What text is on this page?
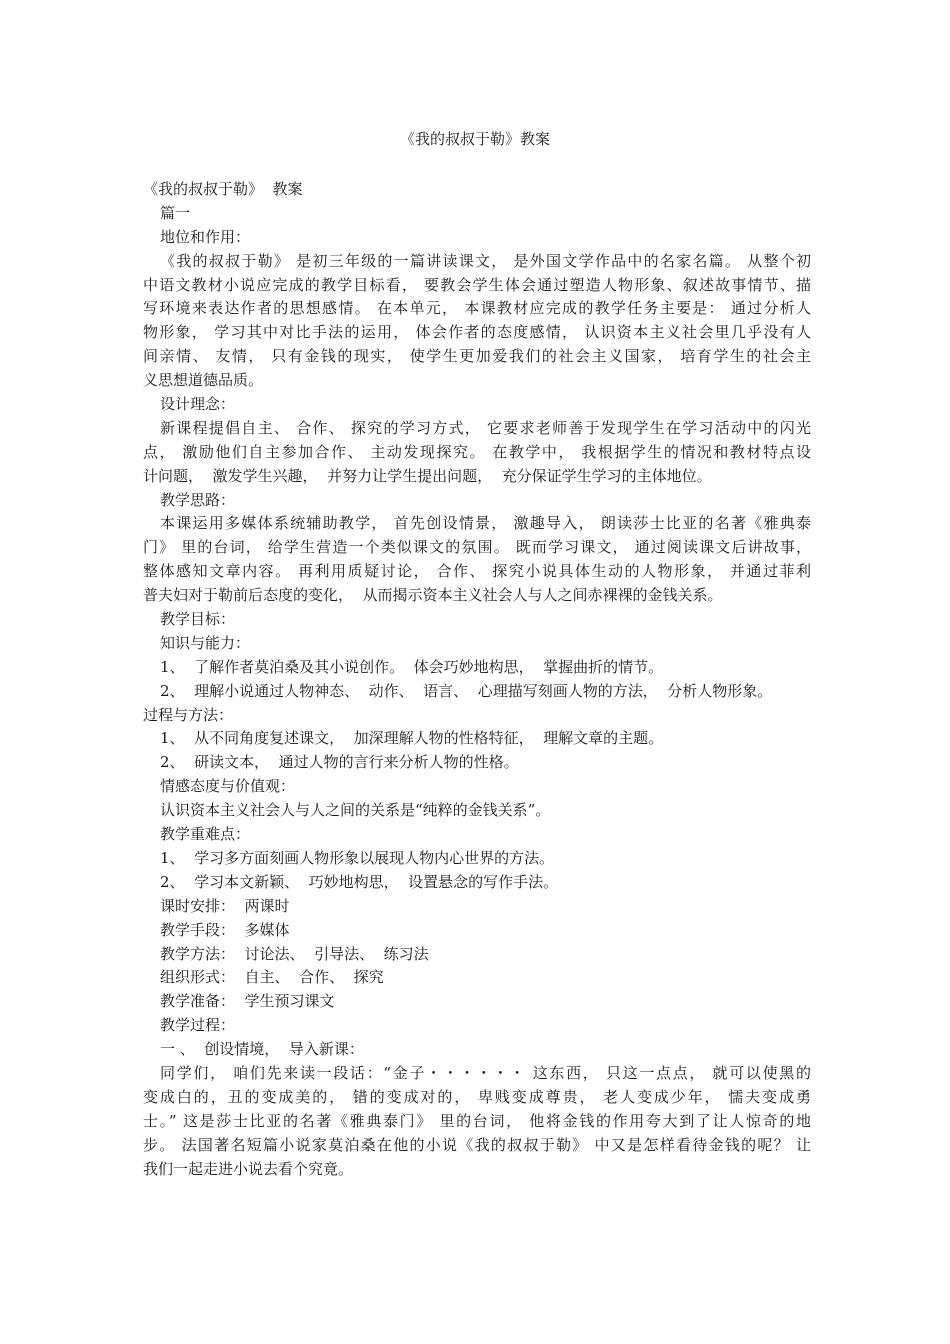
《我的叔叔于勒》教案
《我的叔叔于勒》  教案
篇一
地位和作用：
《我的叔叔于勒》 是初三年级的一篇讲读课文， 是外国文学作品中的名家名篇。 从整个初
中语文教材小说应完成的教学目标看， 要教会学生体会通过塑造人物形象、叙述故事情节、描
写环境来表达作者的思想感情。 在本单元， 本课教材应完成的教学任务主要是： 通过分析人
物形象， 学习其中对比手法的运用， 体会作者的态度感情， 认识资本主义社会里几乎没有人
间亲情、 友情， 只有金钱的现实， 使学生更加爱我们的社会主义国家， 培育学生的社会主
义思想道德品质。
设计理念：
新课程提倡自主、 合作、 探究的学习方式， 它要求老师善于发现学生在学习活动中的闪光
点， 激励他们自主参加合作、 主动发现探究。 在教学中， 我根据学生的情况和教材特点设
计问题，  激发学生兴趣，  并努力让学生提出问题，  充分保证学生学习的主体地位。
教学思路：
本课运用多媒体系统辅助教学， 首先创设情景， 激趣导入， 朗读莎士比亚的名著《雅典泰
门》 里的台词， 给学生营造一个类似课文的氛围。 既而学习课文， 通过阅读课文后讲故事，
整体感知文章内容。 再利用质疑讨论， 合作、 探究小说具体生动的人物形象， 并通过菲利
普夫妇对于勒前后态度的变化，  从而揭示资本主义社会人与人之间赤裸裸的金钱关系。
教学目标：
知识与能力：
1、  了解作者莫泊桑及其小说创作。  体会巧妙地构思，  掌握曲折的情节。
2、  理解小说通过人物神态、  动作、  语言、  心理描写刻画人物的方法，  分析人物形象。
过程与方法：
1、  从不同角度复述课文，  加深理解人物的性格特征，  理解文章的主题。
2、  研读文本，  通过人物的言行来分析人物的性格。
情感态度与价值观：
认识资本主义社会人与人之间的关系是“纯粹的金钱关系”。
教学重难点：
1、  学习多方面刻画人物形象以展现人物内心世界的方法。
2、  学习本文新颖、  巧妙地构思，  设置悬念的写作手法。
课时安排：  两课时
教学手段：  多媒体
教学方法：  讨论法、  引导法、  练习法
组织形式：  自主、  合作、  探究
教学准备：  学生预习课文
教学过程：
一 、  创设情境，  导入新课：
同学们， 咱们先来读一段话：“金子・・・・・・ 这东西， 只这一点点， 就可以使黑的
变成白的，丑的变成美的， 错的变成对的， 卑贱变成尊贵， 老人变成少年， 懦夫变成勇
士。” 这是莎士比亚的名著《雅典泰门》 里的台词， 他将金钱的作用夸大到了让人惊奇的地
步。 法国著名短篇小说家莫泊桑在他的小说《我的叔叔于勒》 中又是怎样看待金钱的呢？ 让
我们一起走进小说去看个究竟。
